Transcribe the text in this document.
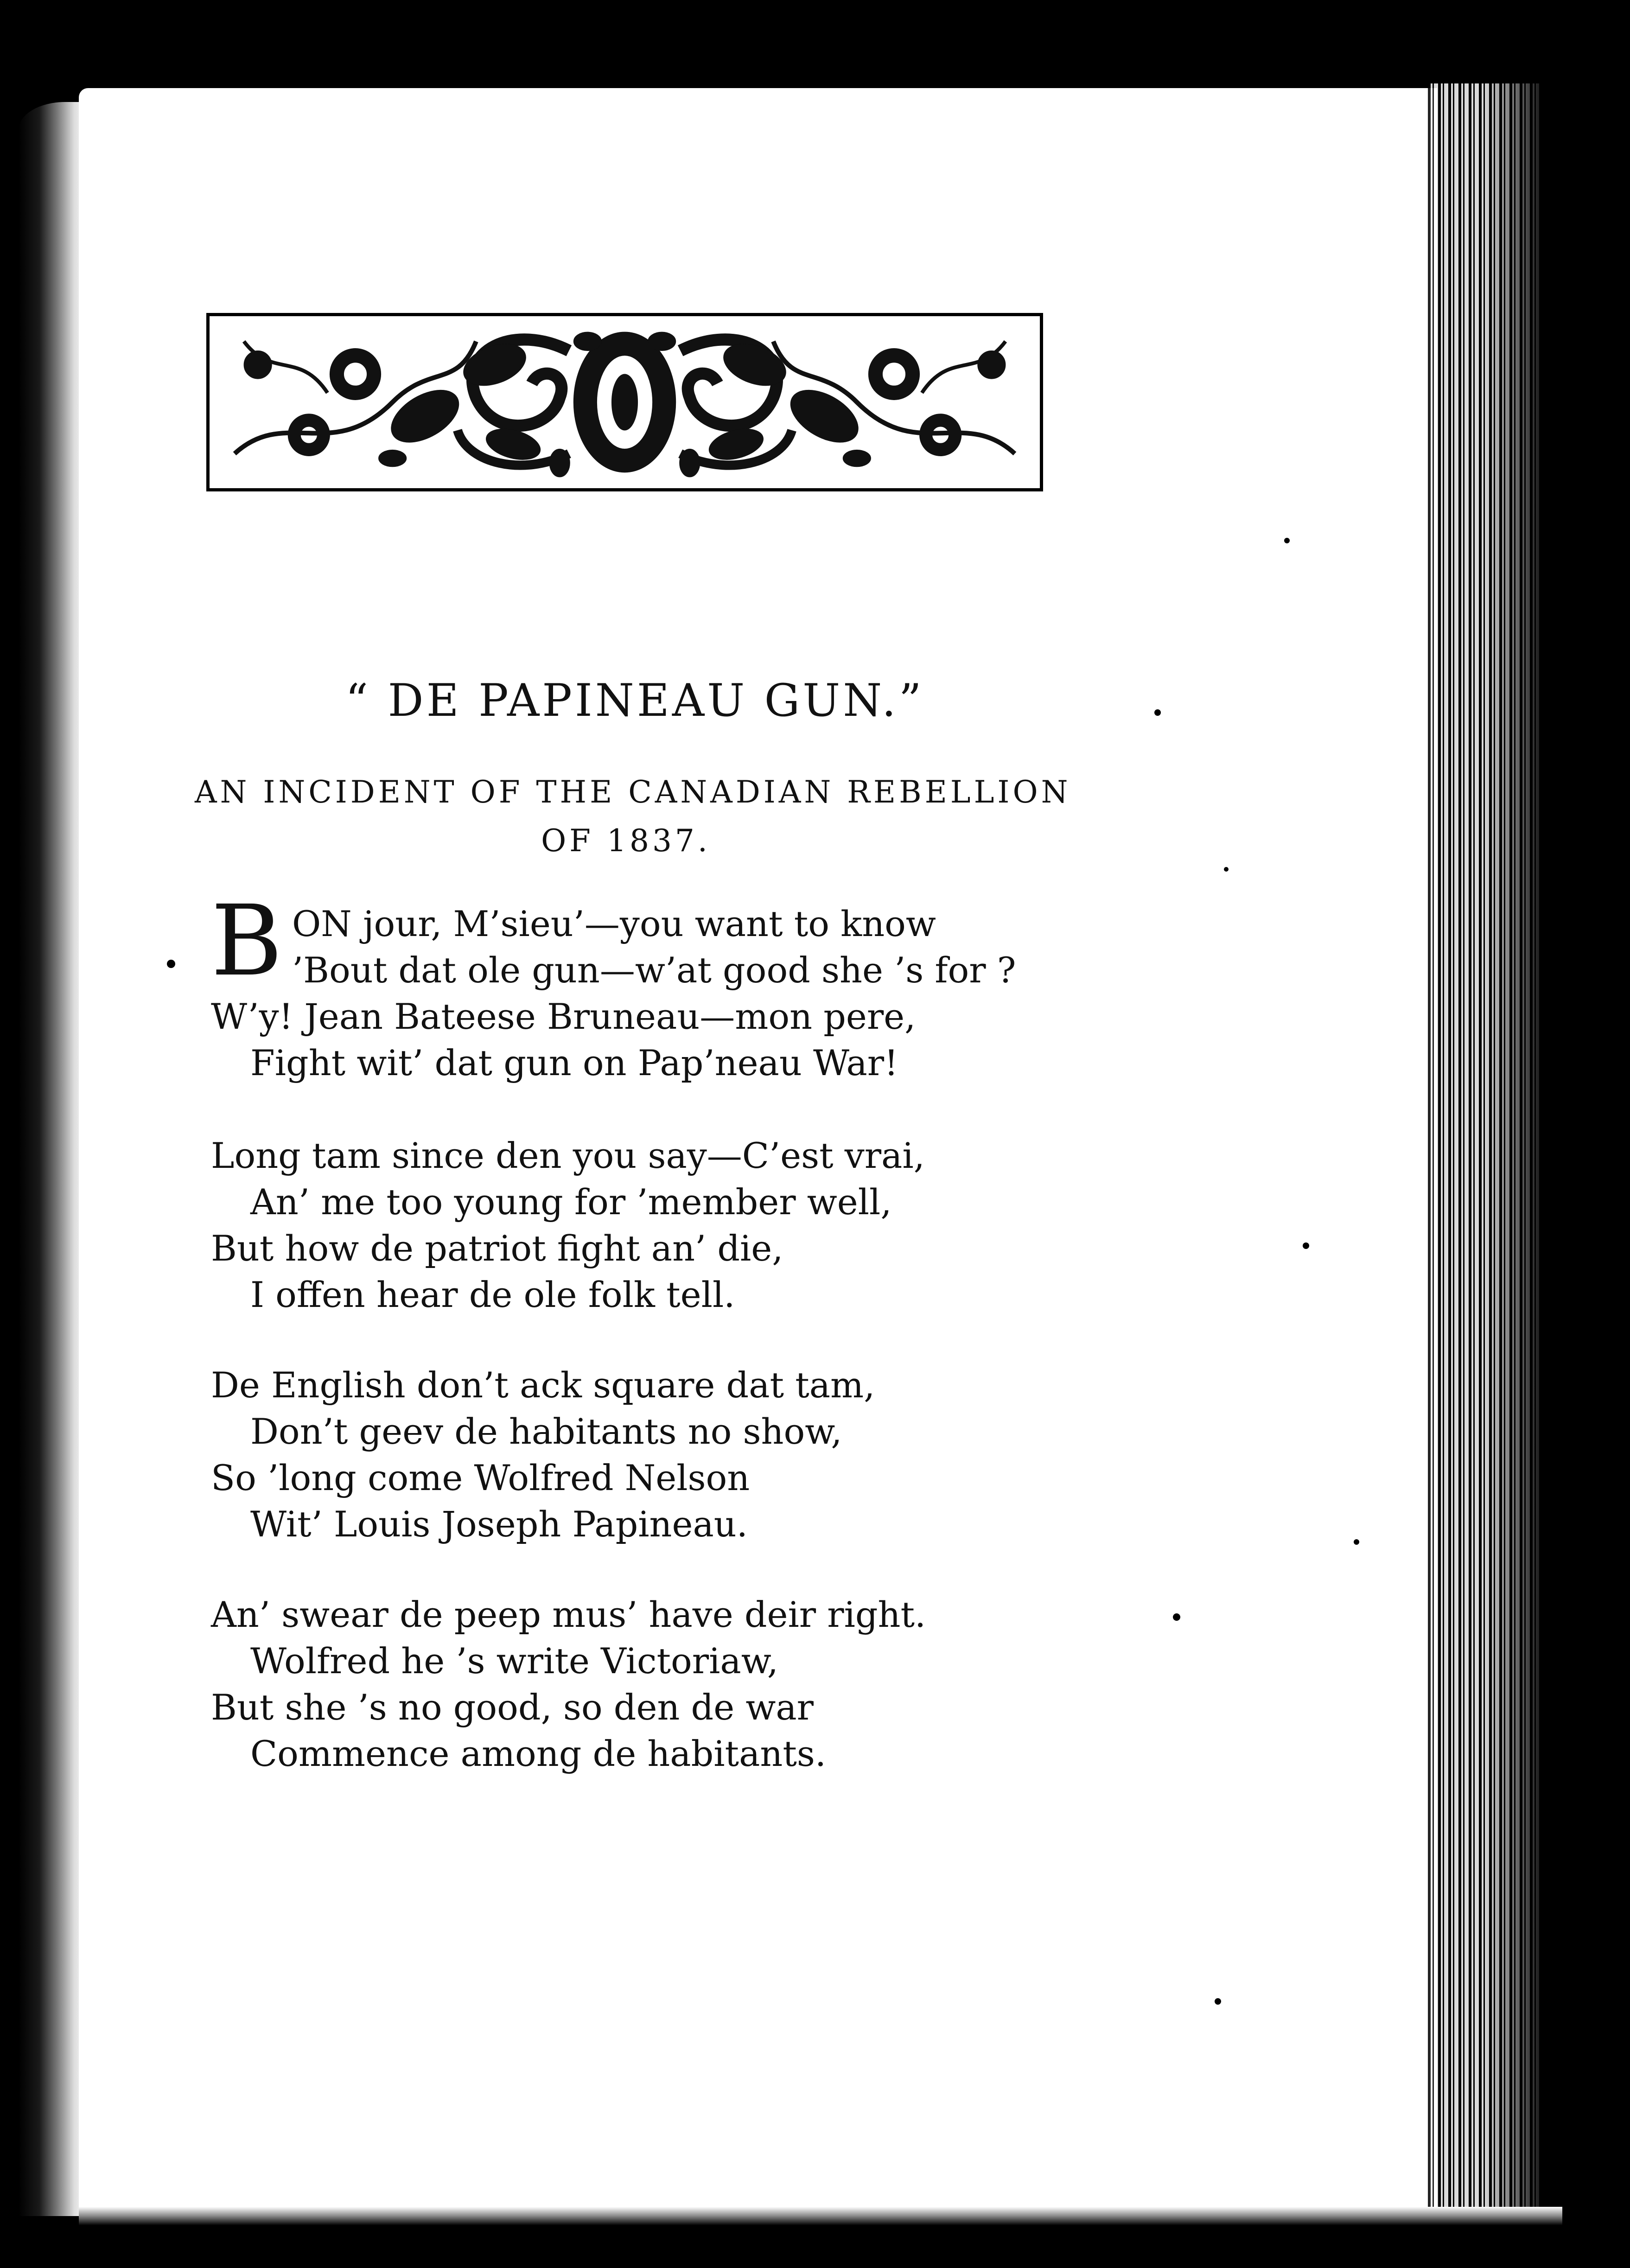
“ DE PAPINEAU GUN.”
AN INCIDENT OF THE CANADIAN REBELLION
OF 1837.
B ON jour, M’sieu’—you want to know
’Bout dat ole gun—w’at good she ’s for ?
W’y! Jean Bateese Bruneau—mon pere,
Fight wit’ dat gun on Pap’neau War!
Long tam since den you say—C’est vrai,
An’ me too young for ’member well,
But how de patriot fight an’ die,
I offen hear de ole folk tell.
De English don’t ack square dat tam,
Don’t geev de habitants no show,
So ’long come Wolfred Nelson
Wit’ Louis Joseph Papineau.
An’ swear de peep mus’ have deir right.
Wolfred he ’s write Victoriaw,
But she ’s no good, so den de war
Commence among de habitants.
